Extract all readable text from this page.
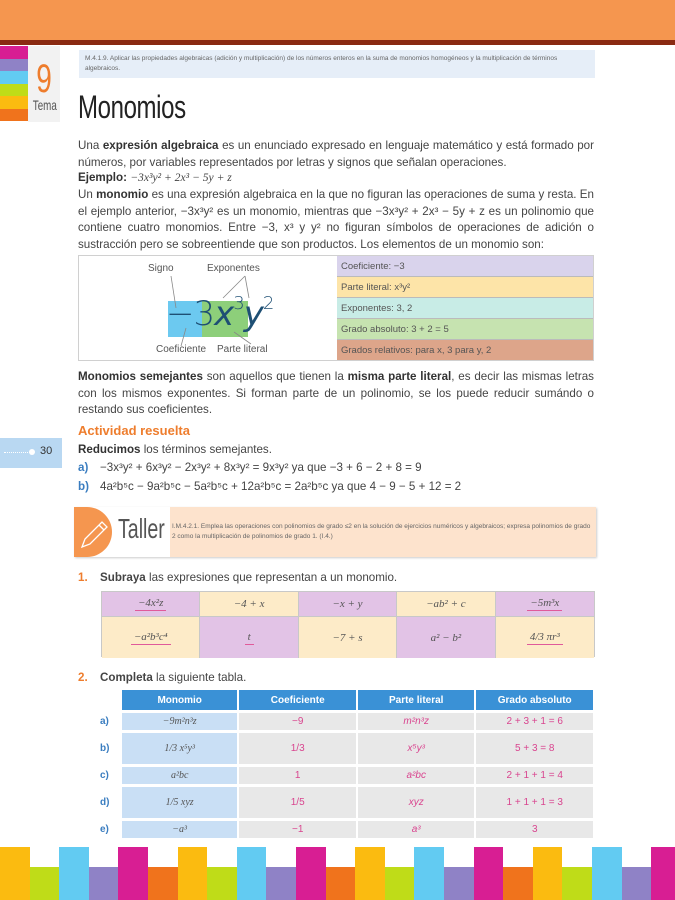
9
Tema
M.4.1.9. Aplicar las propiedades algebraicas (adición y multiplicación) de los números enteros en la suma de monomios homogéneos y la multiplicación de términos algebraicos.
Monomios
Una expresión algebraica es un enunciado expresado en lenguaje matemático y está formado por números, por variables representados por letras y signos que señalan operaciones.
Ejemplo: −3x³y² + 2x³ − 5y + z
Un monomio es una expresión algebraica en la que no figuran las operaciones de suma y resta. En el ejemplo anterior, −3x³y² es un monomio, mientras que −3x³y² + 2x³ − 5y + z es un polinomio que contiene cuatro monomios. Entre −3, x³ y y² no figuran símbolos de operaciones de adición o sustracción pero se sobreentiende que son productos. Los elementos de un monomio son:
Signo	Exponentes
$-3x^3y^2$
Coeficiente Parte literal
Coeficiente: −3
Parte literal: x³y²
Exponentes: 3, 2
Grado absoluto: 3 + 2 = 5
Grados relativos: para x, 3 para y, 2
Monomios semejantes son aquellos que tienen la misma parte literal, es decir las mismas letras con los mismos exponentes. Si forman parte de un polinomio, se los puede reducir sumándo o restando sus coeficientes.
Actividad resuelta
30 Reducimos los términos semejantes.
a) −3x³y² + 6x³y² − 2x³y² + 8x³y² = 9x³y² ya que −3 + 6 − 2 + 8 = 9
b) 4a²b⁵c − 9a²b⁵c − 5a²b⁵c + 12a²b⁵c = 2a²b⁵c ya que 4 − 9 − 5 + 12 = 2
Taller I.M.4.2.1. Emplea las operaciones con polinomios de grado ≤2 en la solución de ejercicios numéricos y algebraicos; expresa polinomios de grado 2 como la multiplicación de polinomios de grado 1. (I.4.)
1. Subraya las expresiones que representan a un monomio.
−4x²z	−4 + x	−x + y	−ab² + c	−5m³x
−a²b³c⁴	t	−7 + s	a² − b²	4/3 πr³
2. Completa la siguiente tabla.
Monomio	Coeficiente	Parte literal	Grado absoluto
a)	−9m²n³z	−9	m²n³z	2 + 3 + 1 = 6
b)	1/3 x⁵y³	1/3	x⁵y³	5 + 3 = 8
c)	a²bc	1	a²bc	2 + 1 + 1 = 4
d)	1/5 xyz	1/5	xyz	1 + 1 + 1 = 3
e)	−a³	−1	a³	3
